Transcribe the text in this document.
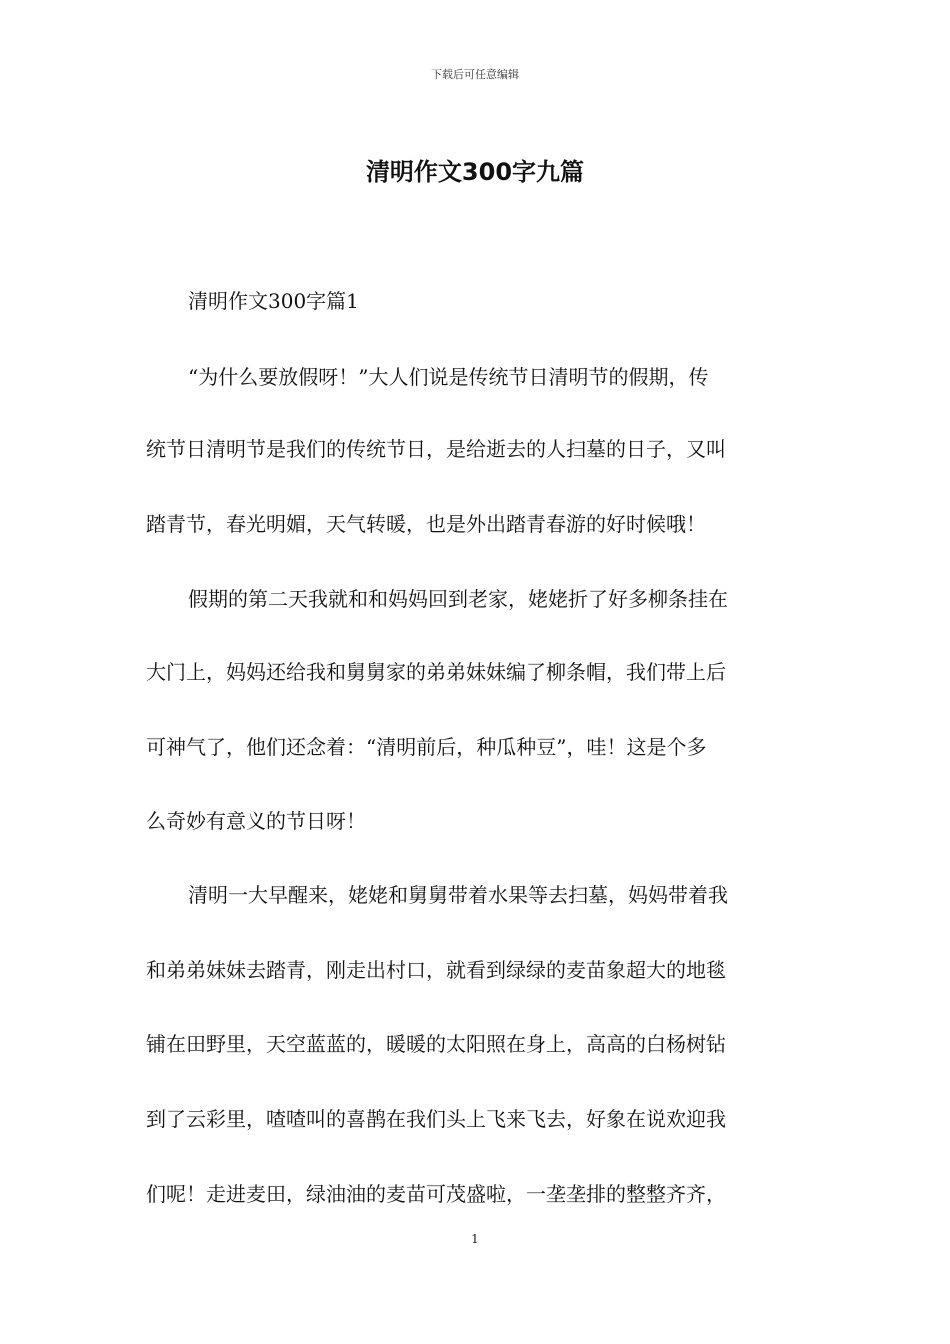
下载后可任意编辑
清明作文300字九篇
清明作文300字篇1
“为什么要放假呀！”大人们说是传统节日清明节的假期，传
统节日清明节是我们的传统节日，是给逝去的人扫墓的日子，又叫
踏青节，春光明媚，天气转暖，也是外出踏青春游的好时候哦！
假期的第二天我就和和妈妈回到老家，姥姥折了好多柳条挂在
大门上，妈妈还给我和舅舅家的弟弟妹妹编了柳条帽，我们带上后
可神气了，他们还念着：“清明前后，种瓜种豆”，哇！这是个多
么奇妙有意义的节日呀！
清明一大早醒来，姥姥和舅舅带着水果等去扫墓，妈妈带着我
和弟弟妹妹去踏青，刚走出村口，就看到绿绿的麦苗象超大的地毯
铺在田野里，天空蓝蓝的，暖暖的太阳照在身上，高高的白杨树钻
到了云彩里，喳喳叫的喜鹊在我们头上飞来飞去，好象在说欢迎我
们呢！走进麦田，绿油油的麦苗可茂盛啦，一垄垄排的整整齐齐，
1
